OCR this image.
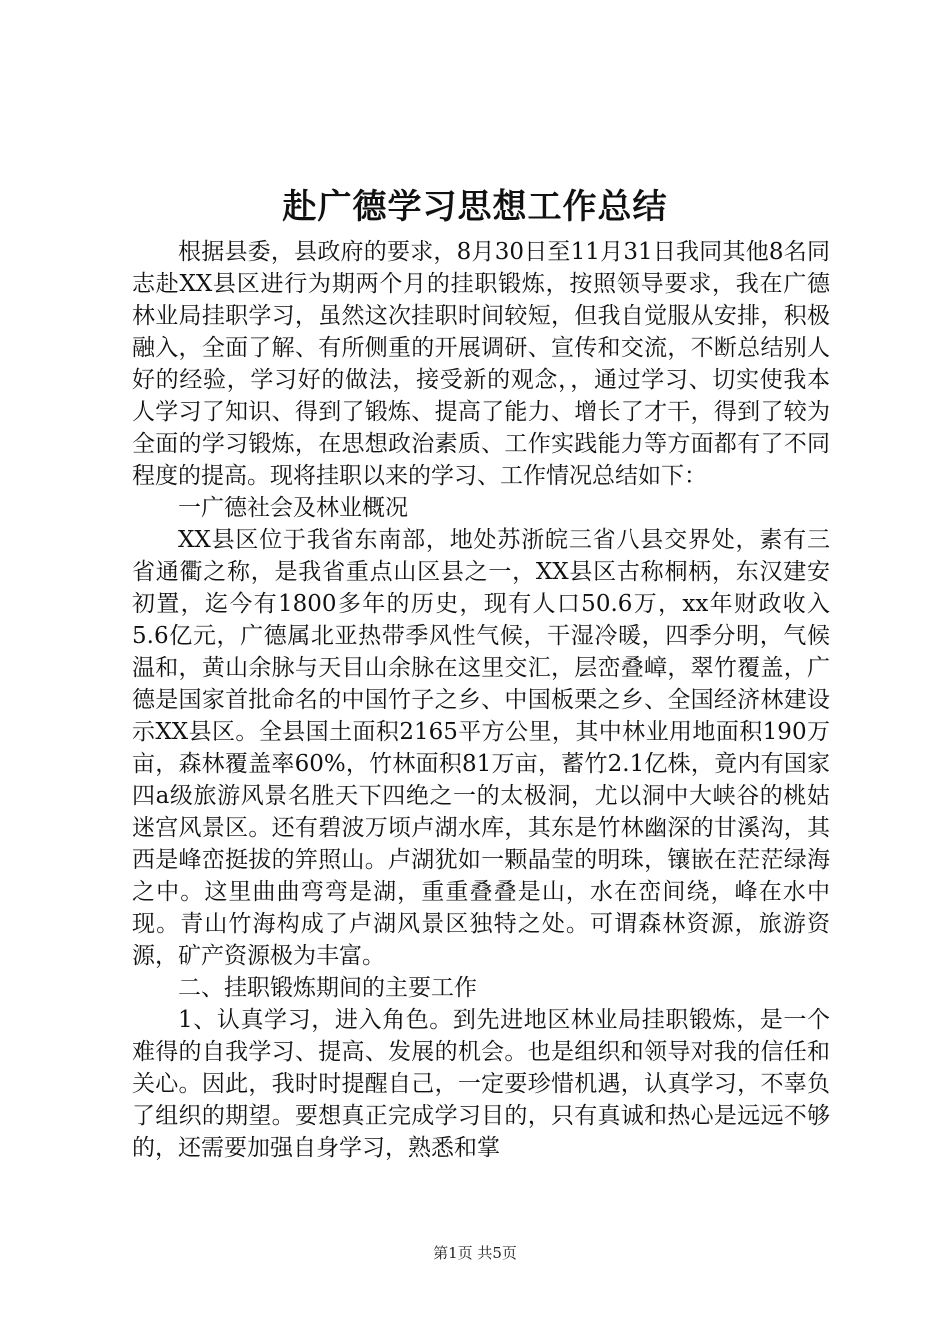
赴广德学习思想工作总结

根据县委，县政府的要求，8月30日至11月31日我同其他8名同志赴XX县区进行为期两个月的挂职锻炼，按照领导要求，我在广德林业局挂职学习，虽然这次挂职时间较短，但我自觉服从安排，积极融入，全面了解、有所侧重的开展调研、宣传和交流，不断总结别人好的经验，学习好的做法，接受新的观念，，通过学习、切实使我本人学习了知识、得到了锻炼、提高了能力、增长了才干，得到了较为全面的学习锻炼，在思想政治素质、工作实践能力等方面都有了不同程度的提高。现将挂职以来的学习、工作情况总结如下：

一广德社会及林业概况

XX县区位于我省东南部，地处苏浙皖三省八县交界处，素有三省通衢之称，是我省重点山区县之一，XX县区古称桐柄，东汉建安初置，迄今有1800多年的历史，现有人口50.6万，xx年财政收入5.6亿元，广德属北亚热带季风性气候，干湿冷暖，四季分明，气候温和，黄山余脉与天目山余脉在这里交汇，层峦叠嶂，翠竹覆盖，广德是国家首批命名的中国竹子之乡、中国板栗之乡、全国经济林建设示XX县区。全县国土面积2165平方公里，其中林业用地面积190万亩，森林覆盖率60%，竹林面积81万亩，蓄竹2.1亿株，竟内有国家四a级旅游风景名胜天下四绝之一的太极洞，尤以洞中大峡谷的桃姑迷宫风景区。还有碧波万顷卢湖水库，其东是竹林幽深的甘溪沟，其西是峰峦挺拔的笄照山。卢湖犹如一颗晶莹的明珠，镶嵌在茫茫绿海之中。这里曲曲弯弯是湖，重重叠叠是山，水在峦间绕，峰在水中现。青山竹海构成了卢湖风景区独特之处。可谓森林资源，旅游资源，矿产资源极为丰富。

二、挂职锻炼期间的主要工作

1、认真学习，进入角色。到先进地区林业局挂职锻炼，是一个难得的自我学习、提高、发展的机会。也是组织和领导对我的信任和关心。因此，我时时提醒自己，一定要珍惜机遇，认真学习，不辜负了组织的期望。要想真正完成学习目的，只有真诚和热心是远远不够的，还需要加强自身学习，熟悉和掌

第1页 共5页
